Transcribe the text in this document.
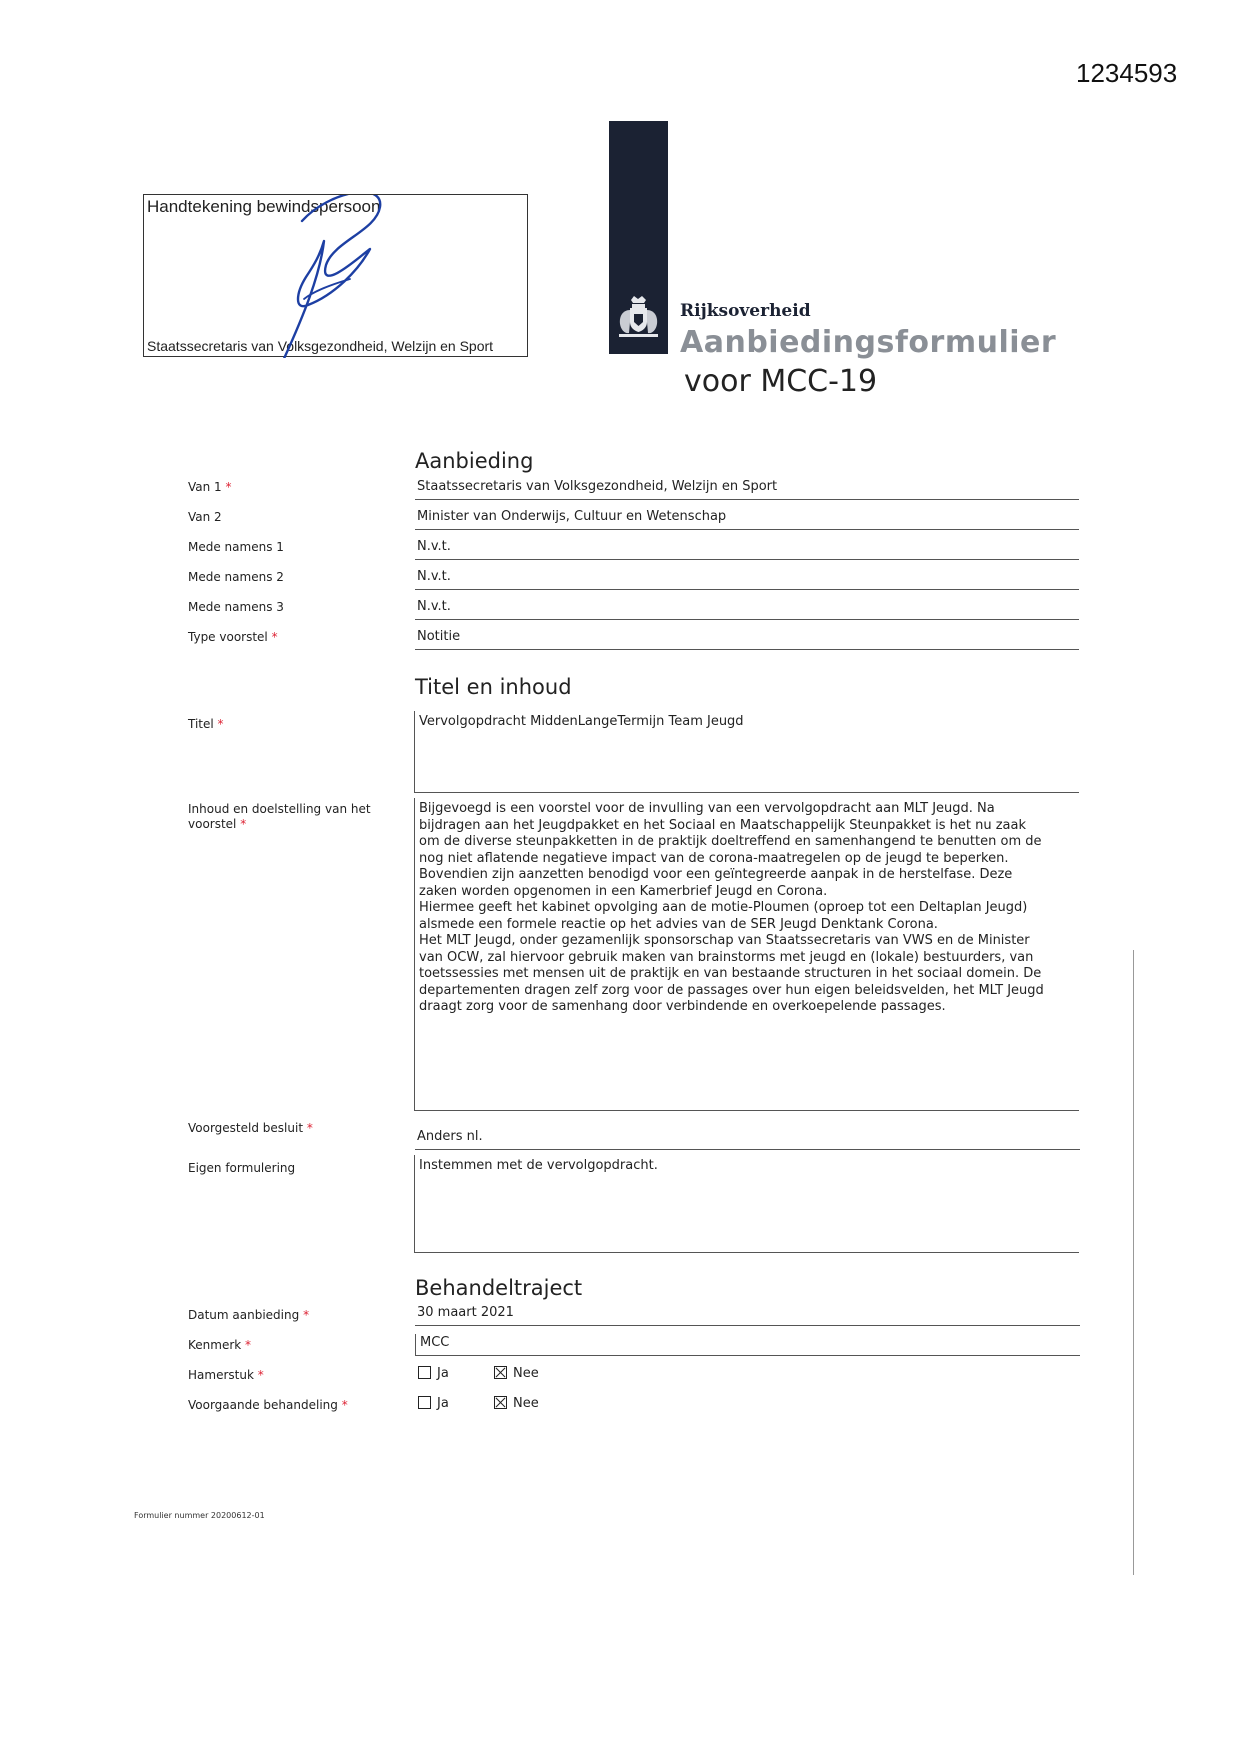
1234593
Handtekening bewindspersoon
Staatssecretaris van Volksgezondheid, Welzijn en Sport
Rijksoverheid
Aanbiedingsformulier
voor MCC-19
Aanbieding
Van 1 *	Staatssecretaris van Volksgezondheid, Welzijn en Sport
Van 2	Minister van Onderwijs, Cultuur en Wetenschap
Mede namens 1	N.v.t.
Mede namens 2	N.v.t.
Mede namens 3	N.v.t.
Type voorstel *	Notitie
Titel en inhoud
Titel *	Vervolgopdracht MiddenLangeTermijn Team Jeugd

Inhoud en doelstelling van het
voorstel *

Bijgevoegd is een voorstel voor de invulling van een vervolgopdracht aan MLT Jeugd. Na

bijdragen aan het Jeugdpakket en het Sociaal en Maatschappelijk Steunpakket is het nu zaak

om de diverse steunpakketten in de praktijk doeltreffend en samenhangend te benutten om de

nog niet aflatende negatieve impact van de corona-maatregelen op de jeugd te beperken.

Bovendien zijn aanzetten benodigd voor een geïntegreerde aanpak in de herstelfase. Deze

zaken worden opgenomen in een Kamerbrief Jeugd en Corona.

Hiermee geeft het kabinet opvolging aan de motie-Ploumen (oproep tot een Deltaplan Jeugd)

alsmede een formele reactie op het advies van de SER Jeugd Denktank Corona.

Het MLT Jeugd, onder gezamenlijk sponsorschap van Staatssecretaris van VWS en de Minister

van OCW, zal hiervoor gebruik maken van brainstorms met jeugd en (lokale) bestuurders, van

toetssessies met mensen uit de praktijk en van bestaande structuren in het sociaal domein. De

departementen dragen zelf zorg voor de passages over hun eigen beleidsvelden, het MLT Jeugd

draagt zorg voor de samenhang door verbindende en overkoepelende passages.

Voorgesteld besluit *
Anders nl.
Eigen formulering	Instemmen met de vervolgopdracht.

Behandeltraject
Datum aanbieding *	30 maart 2021
Kenmerk *	MCC
Hamerstuk *	Ja	Nee
Voorgaande behandeling *	Ja	Nee
Formulier nummer 20200612-01
